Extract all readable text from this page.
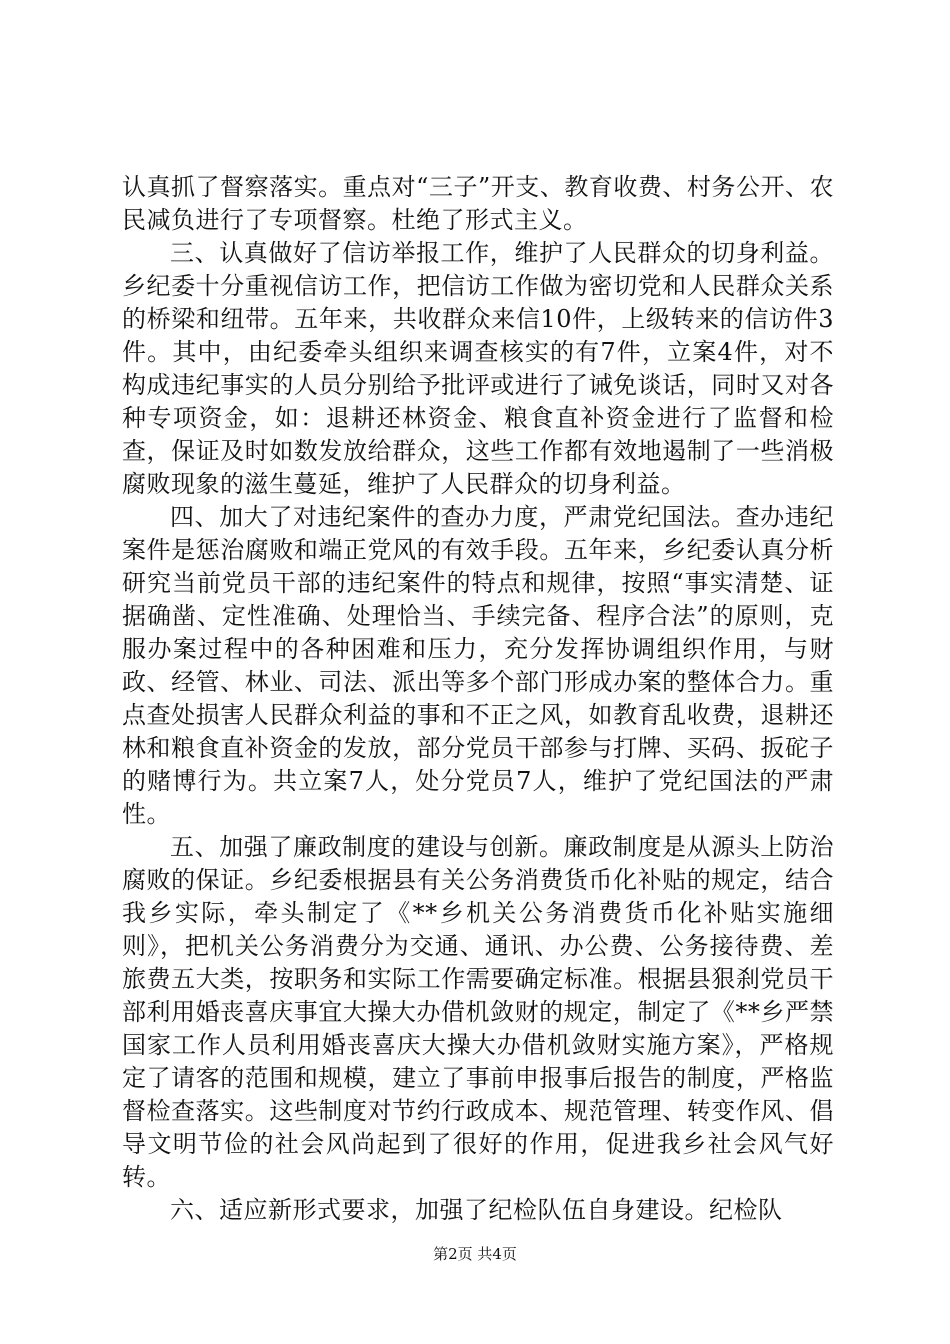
认真抓了督察落实。重点对“三子”开支、教育收费、村务公开、农民减负进行了专项督察。杜绝了形式主义。

三、认真做好了信访举报工作，维护了人民群众的切身利益。乡纪委十分重视信访工作，把信访工作做为密切党和人民群众关系的桥梁和纽带。五年来，共收群众来信10件，上级转来的信访件3件。其中，由纪委牵头组织来调查核实的有7件，立案4件，对不构成违纪事实的人员分别给予批评或进行了诫免谈话，同时又对各种专项资金，如：退耕还林资金、粮食直补资金进行了监督和检查，保证及时如数发放给群众，这些工作都有效地遏制了一些消极腐败现象的滋生蔓延，维护了人民群众的切身利益。

四、加大了对违纪案件的查办力度，严肃党纪国法。查办违纪案件是惩治腐败和端正党风的有效手段。五年来，乡纪委认真分析研究当前党员干部的违纪案件的特点和规律，按照“事实清楚、证据确凿、定性准确、处理恰当、手续完备、程序合法”的原则，克服办案过程中的各种困难和压力，充分发挥协调组织作用，与财政、经管、林业、司法、派出等多个部门形成办案的整体合力。重点查处损害人民群众利益的事和不正之风，如教育乱收费，退耕还林和粮食直补资金的发放，部分党员干部参与打牌、买码、扳砣子的赌博行为。共立案7人，处分党员7人，维护了党纪国法的严肃性。

五、加强了廉政制度的建设与创新。廉政制度是从源头上防治腐败的保证。乡纪委根据县有关公务消费货币化补贴的规定，结合我乡实际，牵头制定了《**乡机关公务消费货币化补贴实施细则》，把机关公务消费分为交通、通讯、办公费、公务接待费、差旅费五大类，按职务和实际工作需要确定标准。根据县狠刹党员干部利用婚丧喜庆事宜大操大办借机敛财的规定，制定了《**乡严禁国家工作人员利用婚丧喜庆大操大办借机敛财实施方案》，严格规定了请客的范围和规模，建立了事前申报事后报告的制度，严格监督检查落实。这些制度对节约行政成本、规范管理、转变作风、倡导文明节俭的社会风尚起到了很好的作用，促进我乡社会风气好转。

六、适应新形式要求，加强了纪检队伍自身建设。纪检队

第2页 共4页
